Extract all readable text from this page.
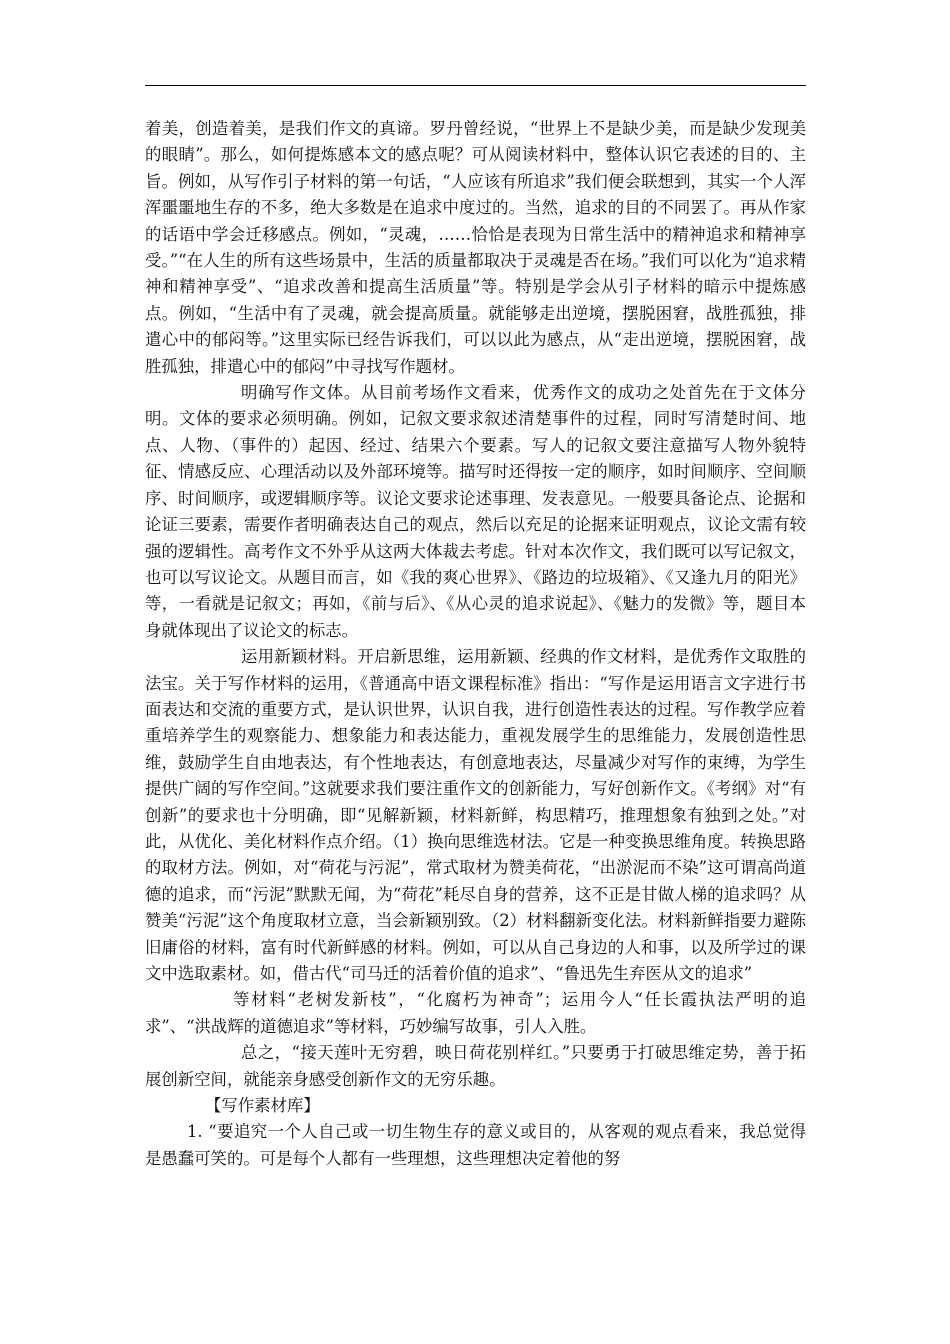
着美，创造着美，是我们作文的真谛。罗丹曾经说，“世界上不是缺少美，而是缺少发现美的眼睛”。那么，如何提炼感本文的感点呢？可从阅读材料中，整体认识它表述的目的、主旨。例如，从写作引子材料的第一句话，“人应该有所追求”我们便会联想到，其实一个人浑浑噩噩地生存的不多，绝大多数是在追求中度过的。当然，追求的目的不同罢了。再从作家的话语中学会迁移感点。例如，“灵魂，……恰恰是表现为日常生活中的精神追求和精神享受。”“在人生的所有这些场景中，生活的质量都取决于灵魂是否在场。”我们可以化为“追求精神和精神享受”、“追求改善和提高生活质量”等。特别是学会从引子材料的暗示中提炼感点。例如，“生活中有了灵魂，就会提高质量。就能够走出逆境，摆脱困窘，战胜孤独，排遣心中的郁闷等。”这里实际已经告诉我们，可以以此为感点，从“走出逆境，摆脱困窘，战胜孤独，排遣心中的郁闷”中寻找写作题材。

明确写作文体。从目前考场作文看来，优秀作文的成功之处首先在于文体分明。文体的要求必须明确。例如，记叙文要求叙述清楚事件的过程，同时写清楚时间、地点、人物、（事件的）起因、经过、结果六个要素。写人的记叙文要注意描写人物外貌特征、情感反应、心理活动以及外部环境等。描写时还得按一定的顺序，如时间顺序、空间顺序、时间顺序，或逻辑顺序等。议论文要求论述事理、发表意见。一般要具备论点、论据和论证三要素，需要作者明确表达自己的观点，然后以充足的论据来证明观点，议论文需有较强的逻辑性。高考作文不外乎从这两大体裁去考虑。针对本次作文，我们既可以写记叙文，也可以写议论文。从题目而言，如《我的爽心世界》、《路边的垃圾箱》、《又逢九月的阳光》等，一看就是记叙文；再如，《前与后》、《从心灵的追求说起》、《魅力的发微》等，题目本身就体现出了议论文的标志。

运用新颖材料。开启新思维，运用新颖、经典的作文材料，是优秀作文取胜的法宝。关于写作材料的运用，《普通高中语文课程标准》指出：“写作是运用语言文字进行书面表达和交流的重要方式，是认识世界，认识自我，进行创造性表达的过程。写作教学应着重培养学生的观察能力、想象能力和表达能力，重视发展学生的思维能力，发展创造性思维，鼓励学生自由地表达，有个性地表达，有创意地表达，尽量减少对写作的束缚，为学生提供广阔的写作空间。”这就要求我们要注重作文的创新能力，写好创新作文。《考纲》对“有创新”的要求也十分明确，即“见解新颖，材料新鲜，构思精巧，推理想象有独到之处。”对此，从优化、美化材料作点介绍。（1）换向思维选材法。它是一种变换思维角度。转换思路的取材方法。例如，对“荷花与污泥”，常式取材为赞美荷花，“出淤泥而不染”这可谓高尚道德的追求，而“污泥”默默无闻，为“荷花”耗尽自身的营养，这不正是甘做人梯的追求吗？从赞美“污泥”这个角度取材立意，当会新颖别致。（2）材料翻新变化法。材料新鲜指要力避陈旧庸俗的材料，富有时代新鲜感的材料。例如，可以从自己身边的人和事，以及所学过的课文中选取素材。如，借古代“司马迁的活着价值的追求”、“鲁迅先生弃医从文的追求”

等材料“老树发新枝”，“化腐朽为神奇”；运用今人“任长霞执法严明的追求”、“洪战辉的道德追求”等材料，巧妙编写故事，引人入胜。

总之，“接天莲叶无穷碧，映日荷花别样红。”只要勇于打破思维定势，善于拓展创新空间，就能亲身感受创新作文的无穷乐趣。

【写作素材库】

1. “要追究一个人自己或一切生物生存的意义或目的，从客观的观点看来，我总觉得是愚蠢可笑的。可是每个人都有一些理想，这些理想决定着他的努
